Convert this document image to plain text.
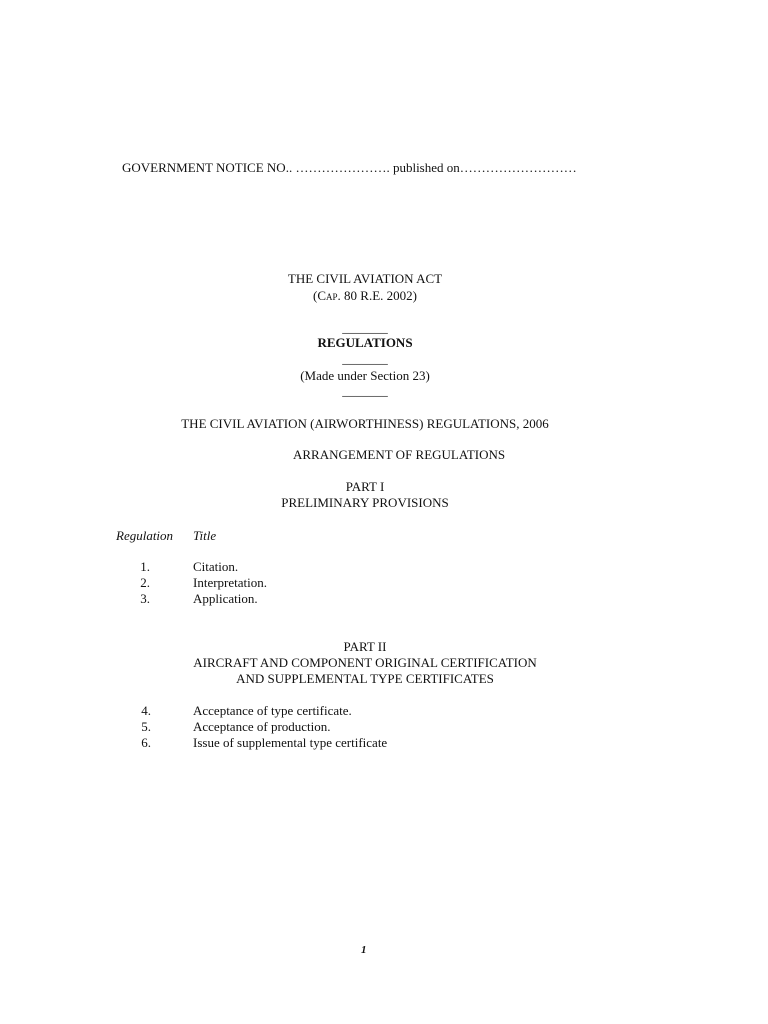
GOVERNMENT NOTICE NO.. …………………. published on………………………
THE CIVIL AVIATION ACT
(Cap. 80 R.E. 2002)
_______
REGULATIONS
_______
(Made under Section 23)
_______
THE CIVIL AVIATION (AIRWORTHINESS) REGULATIONS, 2006
ARRANGEMENT OF REGULATIONS
PART I
PRELIMINARY PROVISIONS
Regulation Title
1.	Citation.
2.	Interpretation.
3.	Application.
PART II
AIRCRAFT AND COMPONENT ORIGINAL CERTIFICATION
AND SUPPLEMENTAL TYPE CERTIFICATES
4.	Acceptance of type certificate.
5.	Acceptance of production.
6.	Issue of supplemental type certificate
1
